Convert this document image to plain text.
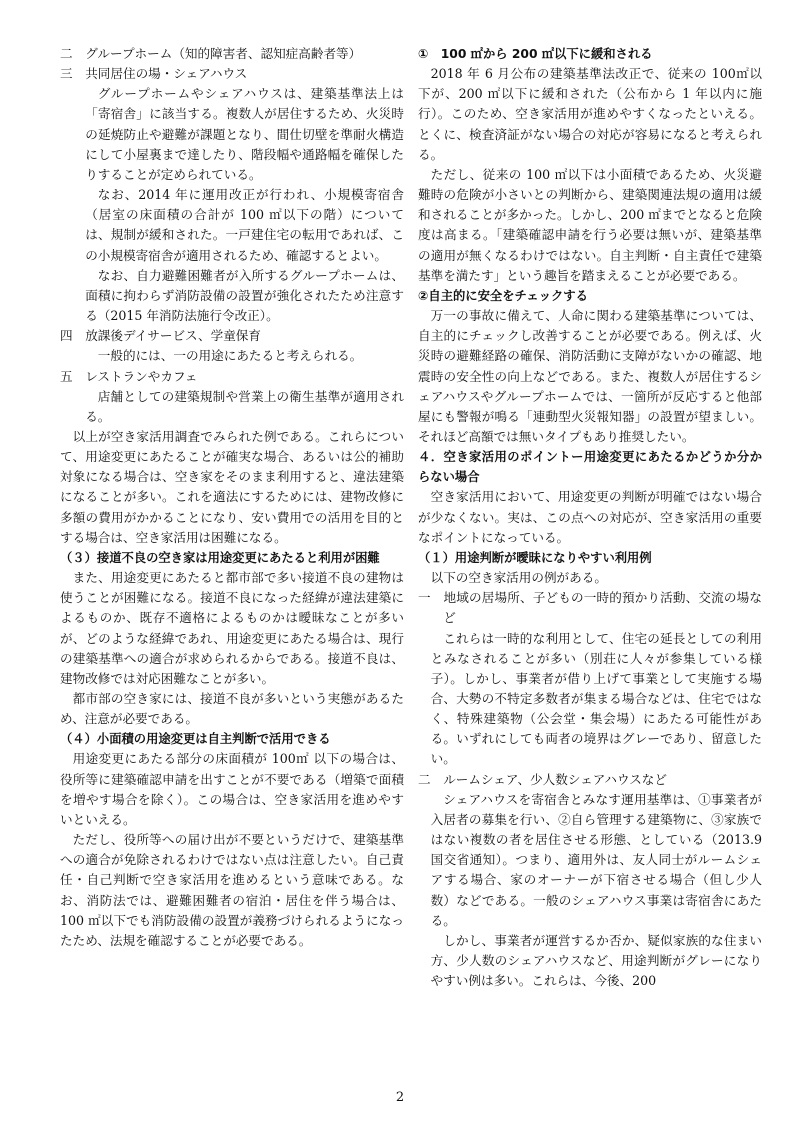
二　グループホーム（知的障害者、認知症高齢者等）

三　共同居住の場・シェアハウス

グループホームやシェアハウスは、建築基準法上は「寄宿舎」に該当する。複数人が居住するため、火災時の延焼防止や避難が課題となり、間仕切壁を準耐火構造にして小屋裏まで達したり、階段幅や通路幅を確保したりすることが定められている。

なお、2014 年に運用改正が行われ、小規模寄宿舎（居室の床面積の合計が 100 ㎡以下の階）については、規制が緩和された。一戸建住宅の転用であれば、この小規模寄宿舎が適用されるため、確認するとよい。

なお、自力避難困難者が入所するグループホームは、面積に拘わらず消防設備の設置が強化されたため注意する（2015 年消防法施行令改正）。

四　放課後デイサービス、学童保育

一般的には、一の用途にあたると考えられる。

五　レストランやカフェ

店舗としての建築規制や営業上の衛生基準が適用される。

以上が空き家活用調査でみられた例である。これらについて、用途変更にあたることが確実な場合、あるいは公的補助対象になる場合は、空き家をそのまま利用すると、違法建築になることが多い。これを適法にするためには、建物改修に多額の費用がかかることになり、安い費用での活用を目的とする場合は、空き家活用は困難になる。

（３）接道不良の空き家は用途変更にあたると利用が困難

また、用途変更にあたると都市部で多い接道不良の建物は使うことが困難になる。接道不良になった経緯が違法建築によるものか、既存不適格によるものかは曖昧なことが多いが、どのような経緯であれ、用途変更にあたる場合は、現行の建築基準への適合が求められるからである。接道不良は、建物改修では対応困難なことが多い。

都市部の空き家には、接道不良が多いという実態があるため、注意が必要である。

（４）小面積の用途変更は自主判断で活用できる

用途変更にあたる部分の床面積が 100㎡ 以下の場合は、役所等に建築確認申請を出すことが不要である（増築で面積を増やす場合を除く）。この場合は、空き家活用を進めやすいといえる。

ただし、役所等への届け出が不要というだけで、建築基準への適合が免除されるわけではない点は注意したい。自己責任・自己判断で空き家活用を進めるという意味である。なお、消防法では、避難困難者の宿泊・居住を伴う場合は、100 ㎡以下でも消防設備の設置が義務づけられるようになったため、法規を確認することが必要である。

①　100 ㎡から 200 ㎡以下に緩和される

2018 年 6 月公布の建築基準法改正で、従来の 100㎡以下が、200 ㎡以下に緩和された（公布から 1 年以内に施行）。このため、空き家活用が進めやすくなったといえる。とくに、検査済証がない場合の対応が容易になると考えられる。

ただし、従来の 100 ㎡以下は小面積であるため、火災避難時の危険が小さいとの判断から、建築関連法規の適用は緩和されることが多かった。しかし、200 ㎡までとなると危険度は高まる。「建築確認申請を行う必要は無いが、建築基準の適用が無くなるわけではない。自主判断・自主責任で建築基準を満たす」という趣旨を踏まえることが必要である。

②自主的に安全をチェックする

万一の事故に備えて、人命に関わる建築基準については、自主的にチェックし改善することが必要である。例えば、火災時の避難経路の確保、消防活動に支障がないかの確認、地震時の安全性の向上などである。また、複数人が居住するシェアハウスやグループホームでは、一箇所が反応すると他部屋にも警報が鳴る「連動型火災報知器」の設置が望ましい。それほど高額では無いタイプもあり推奨したい。

４．空き家活用のポイントー用途変更にあたるかどうか分からない場合

空き家活用において、用途変更の判断が明確ではない場合が少なくない。実は、この点への対応が、空き家活用の重要なポイントになっている。

（１）用途判断が曖昧になりやすい利用例

以下の空き家活用の例がある。

一　地域の居場所、子どもの一時的預かり活動、交流の場など

これらは一時的な利用として、住宅の延長としての利用とみなされることが多い（別荘に人々が参集している様子）。しかし、事業者が借り上げて事業として実施する場合、大勢の不特定多数者が集まる場合などは、住宅ではなく、特殊建築物（公会堂・集会場）にあたる可能性がある。いずれにしても両者の境界はグレーであり、留意したい。

二　ルームシェア、少人数シェアハウスなど

シェアハウスを寄宿舎とみなす運用基準は、①事業者が入居者の募集を行い、②自ら管理する建築物に、③家族ではない複数の者を居住させる形態、としている（2013.9 国交省通知）。つまり、適用外は、友人同士がルームシェアする場合、家のオーナーが下宿させる場合（但し少人数）などである。一般のシェアハウス事業は寄宿舎にあたる。

しかし、事業者が運営するか否か、疑似家族的な住まい方、少人数のシェアハウスなど、用途判断がグレーになりやすい例は多い。これらは、今後、200

2
